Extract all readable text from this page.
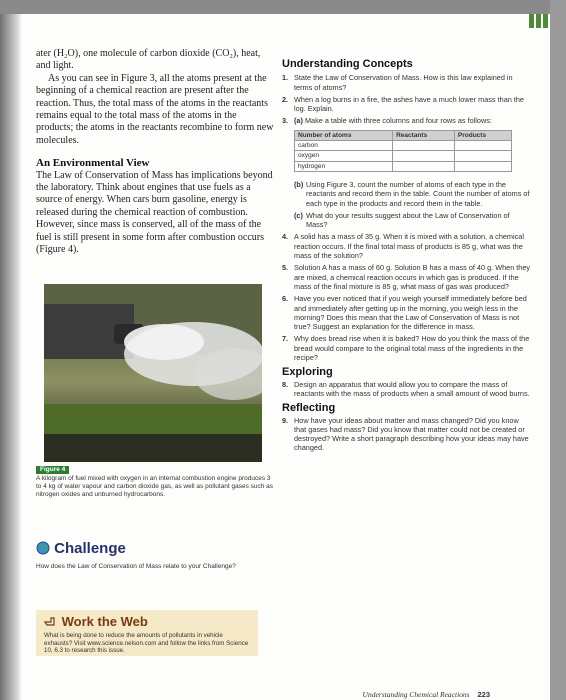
ater (H₂O), one molecule of carbon dioxide (CO₂), heat, and light.

As you can see in Figure 3, all the atoms present at the beginning of a chemical reaction are present after the reaction. Thus, the total mass of the atoms in the reactants remains equal to the total mass of the atoms in the products; the atoms in the reactants recombine to form new molecules.

An Environmental View

The Law of Conservation of Mass has implications beyond the laboratory. Think about engines that use fuels as a source of energy. When cars burn gasoline, energy is released during the chemical reaction of combustion. However, since mass is conserved, all of the mass of the fuel is still present in some form after combustion occurs (Figure 4).

Figure 4
A kilogram of fuel mixed with oxygen in an internal combustion engine produces 3 to 4 kg of water vapour and carbon dioxide gas, as well as pollutant gases such as nitrogen oxides and unburned hydrocarbons.
Challenge
How does the Law of Conservation of Mass relate to your Challenge?
Work the Web
What is being done to reduce the amounts of pollutants in vehicle exhausts? Visit www.science.nelson.com and follow the links from Science 10, 6.3 to research this issue.
Understanding Concepts
1. State the Law of Conservation of Mass. How is this law explained in terms of atoms?
2. When a log burns in a fire, the ashes have a much lower mass than the log. Explain.
3. (a) Make a table with three columns and four rows as follows:
Number of atoms	Reactants	Products
carbon		
oxygen		
hydrogen		
(b) Using Figure 3, count the number of atoms of each type in the reactants and record them in the table. Count the number of atoms of each type in the products and record them in the table.
(c) What do your results suggest about the Law of Conservation of Mass?
4. A solid has a mass of 35 g. When it is mixed with a solution, a chemical reaction occurs. If the final total mass of products is 85 g, what was the mass of the solution?
5. Solution A has a mass of 60 g. Solution B has a mass of 40 g. When they are mixed, a chemical reaction occurs in which gas is produced. If the mass of the final mixture is 85 g, what mass of gas was produced?
6. Have you ever noticed that if you weigh yourself immediately before bed and immediately after getting up in the morning, you weigh less in the morning? Does this mean that the Law of Conservation of Mass is not true? Suggest an explanation for the difference in mass.
7. Why does bread rise when it is baked? How do you think the mass of the bread would compare to the original total mass of the ingredients in the recipe?
Exploring
8. Design an apparatus that would allow you to compare the mass of reactants with the mass of products when a small amount of wood burns.
Reflecting
9. How have your ideas about matter and mass changed? Did you know that gases had mass? Did you know that matter could not be created or destroyed? Write a short paragraph describing how your ideas may have changed.
Understanding Chemical Reactions 223
